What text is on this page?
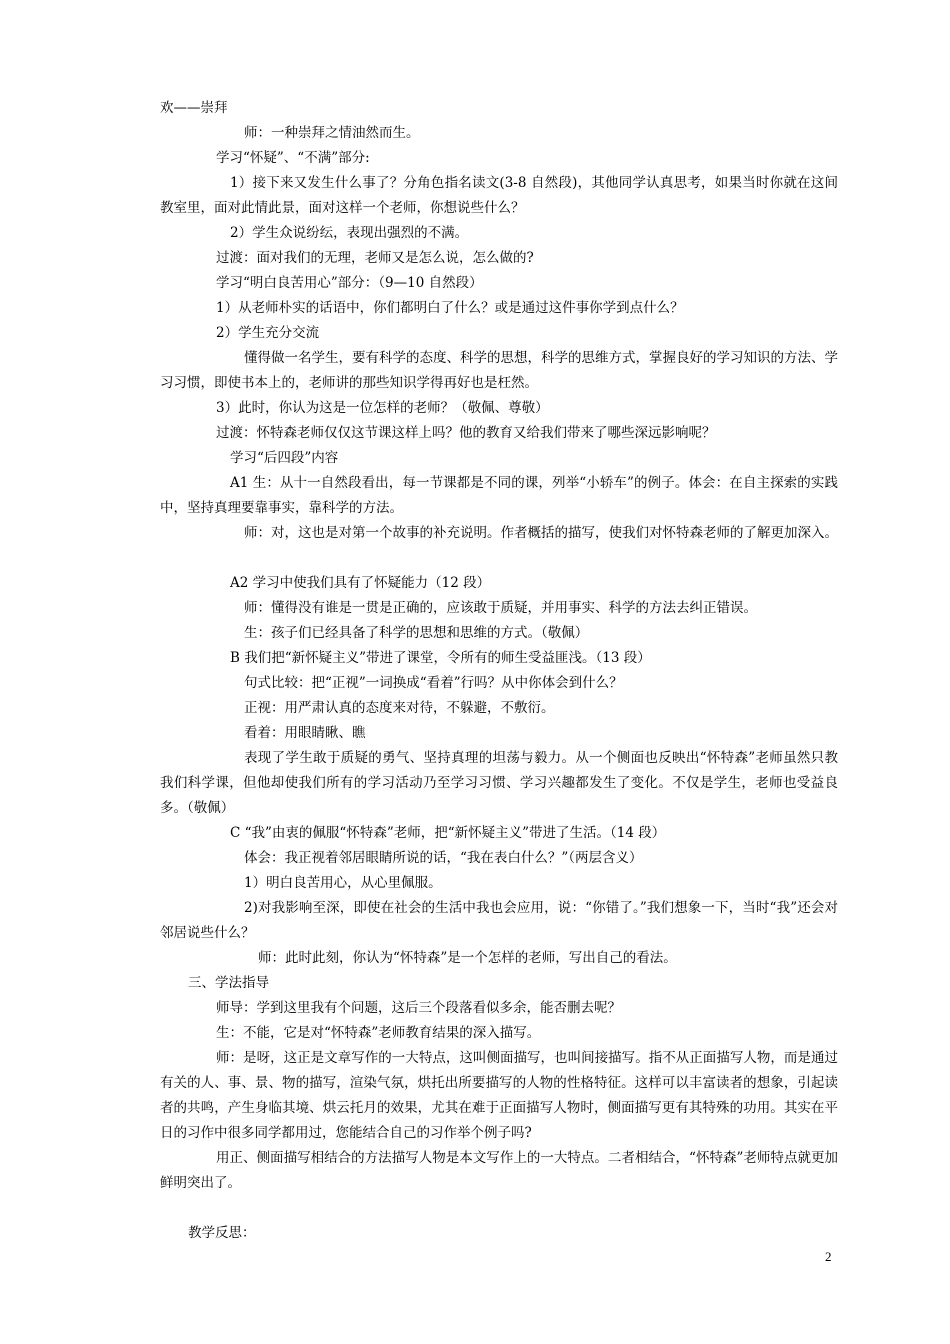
欢——崇拜
师：一种崇拜之情油然而生。
学习“怀疑”、“不满”部分:
1）接下来又发生什么事了？分角色指名读文(3-8 自然段)，其他同学认真思考，如果当时你就在这间教室里，面对此情此景，面对这样一个老师，你想说些什么？
2）学生众说纷纭，表现出强烈的不满。
过渡：面对我们的无理，老师又是怎么说，怎么做的?
学习“明白良苦用心”部分：（9—10 自然段）
1）从老师朴实的话语中，你们都明白了什么？或是通过这件事你学到点什么？
2）学生充分交流
懂得做一名学生，要有科学的态度、科学的思想，科学的思维方式，掌握良好的学习知识的方法、学习习惯，即使书本上的，老师讲的那些知识学得再好也是枉然。
3）此时，你认为这是一位怎样的老师？（敬佩、尊敬）
过渡：怀特森老师仅仅这节课这样上吗？他的教育又给我们带来了哪些深远影响呢？
学习“后四段”内容
A1 生：从十一自然段看出，每一节课都是不同的课，列举“小轿车”的例子。体会：在自主探索的实践中，坚持真理要靠事实，靠科学的方法。
师：对，这也是对第一个故事的补充说明。作者概括的描写，使我们对怀特森老师的了解更加深入。
A2 学习中使我们具有了怀疑能力（12 段）
师：懂得没有谁是一贯是正确的，应该敢于质疑，并用事实、科学的方法去纠正错误。
生：孩子们已经具备了科学的思想和思维的方式。（敬佩）
B 我们把“新怀疑主义”带进了课堂，令所有的师生受益匪浅。（13 段）
句式比较：把“正视”一词换成“看着”行吗？从中你体会到什么？
正视：用严肃认真的态度来对待，不躲避，不敷衍。
看着：用眼睛瞅、瞧
表现了学生敢于质疑的勇气、坚持真理的坦荡与毅力。从一个侧面也反映出“怀特森”老师虽然只教我们科学课，但他却使我们所有的学习活动乃至学习习惯、学习兴趣都发生了变化。不仅是学生，老师也受益良多。（敬佩）
C “我”由衷的佩服“怀特森”老师，把“新怀疑主义”带进了生活。（14 段）
体会：我正视着邻居眼睛所说的话，“我在表白什么？”（两层含义）
1）明白良苦用心，从心里佩服。
2)对我影响至深，即使在社会的生活中我也会应用，说：“你错了。”我们想象一下，当时“我”还会对邻居说些什么？
师：此时此刻，你认为“怀特森”是一个怎样的老师，写出自己的看法。
三、学法指导
师导：学到这里我有个问题，这后三个段落看似多余，能否删去呢？
生：不能，它是对“怀特森”老师教育结果的深入描写。
师：是呀，这正是文章写作的一大特点，这叫侧面描写，也叫间接描写。指不从正面描写人物，而是通过有关的人、事、景、物的描写，渲染气氛，烘托出所要描写的人物的性格特征。这样可以丰富读者的想象，引起读者的共鸣，产生身临其境、烘云托月的效果，尤其在难于正面描写人物时，侧面描写更有其特殊的功用。其实在平日的习作中很多同学都用过，您能结合自己的习作举个例子吗?
用正、侧面描写相结合的方法描写人物是本文写作上的一大特点。二者相结合，“怀特森”老师特点就更加鲜明突出了。
教学反思：
2
